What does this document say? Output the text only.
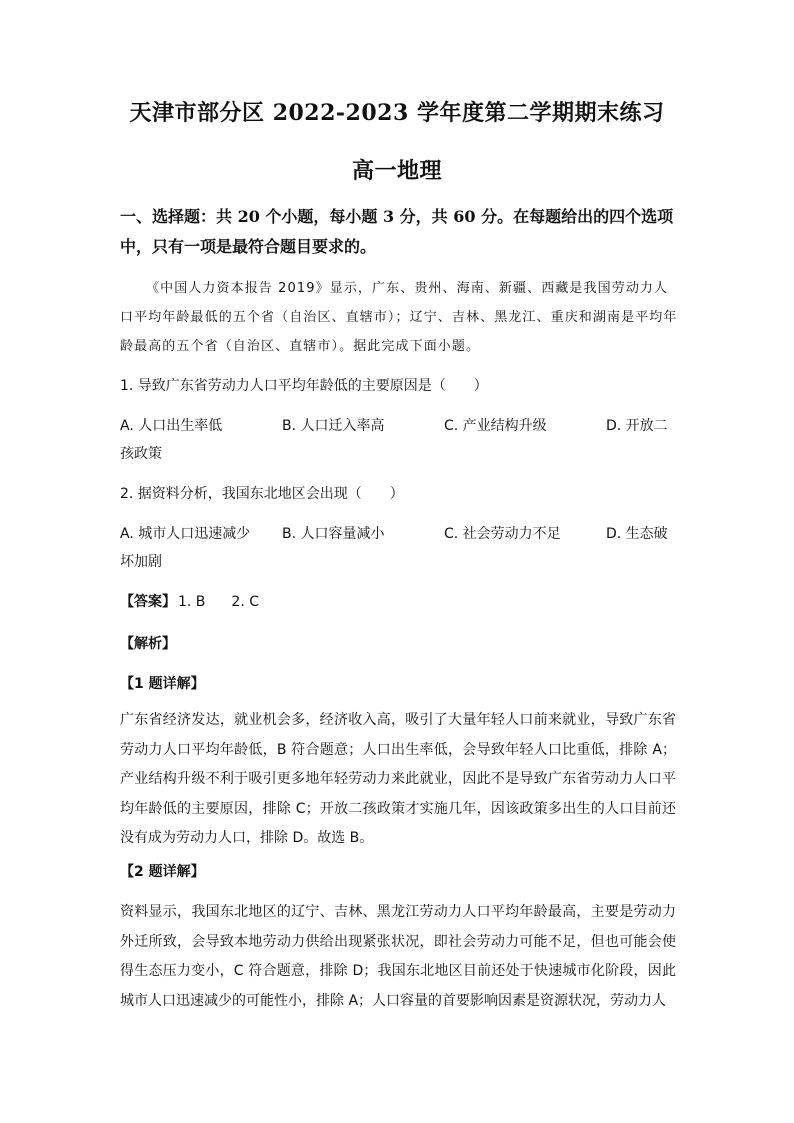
天津市部分区 2022-2023 学年度第二学期期末练习
高一地理
一、选择题：共 20 个小题，每小题 3 分，共 60 分。在每题给出的四个选项
中，只有一项是最符合题目要求的。
《中国人力资本报告 2019》显示，广东、贵州、海南、新疆、西藏是我国劳动力人口平均年龄最低的五个省（自治区、直辖市）；辽宁、吉林、黑龙江、重庆和湖南是平均年龄最高的五个省（自治区、直辖市）。据此完成下面小题。
1. 导致广东省劳动力人口平均年龄低的主要原因是（　　）
A. 人口出生率低	B. 人口迁入率高	C. 产业结构升级	D. 开放二
孩政策
2. 据资料分析，我国东北地区会出现（　　）
A. 城市人口迅速减少 B. 人口容量减小	C. 社会劳动力不足	D. 生态破
坏加剧
【答案】 1. B 2. C
【解析】
【1 题详解】
广东省经济发达，就业机会多，经济收入高，吸引了大量年轻人口前来就业，导致广东省劳动力人口平均年龄低，B 符合题意；人口出生率低，会导致年轻人口比重低，排除 A；产业结构升级不利于吸引更多地年轻劳动力来此就业，因此不是导致广东省劳动力人口平均年龄低的主要原因，排除 C；开放二孩政策才实施几年，因该政策多出生的人口目前还没有成为劳动力人口，排除 D。故选 B。
【2 题详解】
资料显示，我国东北地区的辽宁、吉林、黑龙江劳动力人口平均年龄最高，主要是劳动力外迁所致，会导致本地劳动力供给出现紧张状况，即社会劳动力可能不足，但也可能会使得生态压力变小，C 符合题意，排除 D；我国东北地区目前还处于快速城市化阶段，因此城市人口迅速减少的可能性小，排除 A；人口容量的首要影响因素是资源状况，劳动力人
